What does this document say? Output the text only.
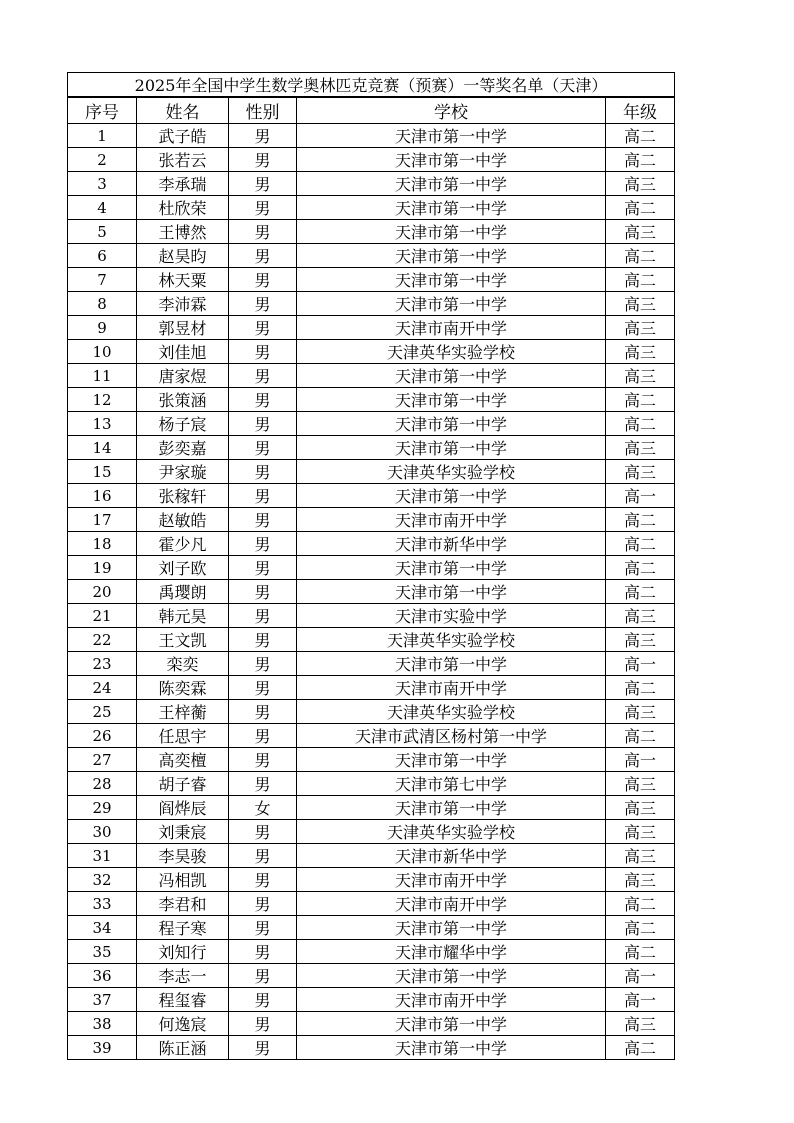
2025年全国中学生数学奥林匹克竞赛（预赛）一等奖名单（天津）				
序号	姓名	性别	学校	年级
1	武子皓	男	天津市第一中学	高二
2	张若云	男	天津市第一中学	高二
3	李承瑞	男	天津市第一中学	高三
4	杜欣荣	男	天津市第一中学	高二
5	王博然	男	天津市第一中学	高三
6	赵昊昀	男	天津市第一中学	高二
7	林天粟	男	天津市第一中学	高二
8	李沛霖	男	天津市第一中学	高三
9	郭昱材	男	天津市南开中学	高三
10	刘佳旭	男	天津英华实验学校	高三
11	唐家煜	男	天津市第一中学	高三
12	张策涵	男	天津市第一中学	高二
13	杨子宸	男	天津市第一中学	高二
14	彭奕嘉	男	天津市第一中学	高三
15	尹家璇	男	天津英华实验学校	高三
16	张稼轩	男	天津市第一中学	高一
17	赵敏皓	男	天津市南开中学	高二
18	霍少凡	男	天津市新华中学	高二
19	刘子欧	男	天津市第一中学	高二
20	禹璎朗	男	天津市第一中学	高二
21	韩元昊	男	天津市实验中学	高三
22	王文凯	男	天津英华实验学校	高三
23	栾奕	男	天津市第一中学	高一
24	陈奕霖	男	天津市南开中学	高二
25	王梓蘅	男	天津英华实验学校	高三
26	任思宇	男	天津市武清区杨村第一中学	高二
27	高奕檀	男	天津市第一中学	高一
28	胡子睿	男	天津市第七中学	高三
29	阎烨辰	女	天津市第一中学	高三
30	刘秉宸	男	天津英华实验学校	高三
31	李昊骏	男	天津市新华中学	高三
32	冯相凯	男	天津市南开中学	高三
33	李君和	男	天津市南开中学	高二
34	程子寒	男	天津市第一中学	高二
35	刘知行	男	天津市耀华中学	高二
36	李志一	男	天津市第一中学	高一
37	程玺睿	男	天津市南开中学	高一
38	何逸宸	男	天津市第一中学	高三
39	陈正涵	男	天津市第一中学	高二
